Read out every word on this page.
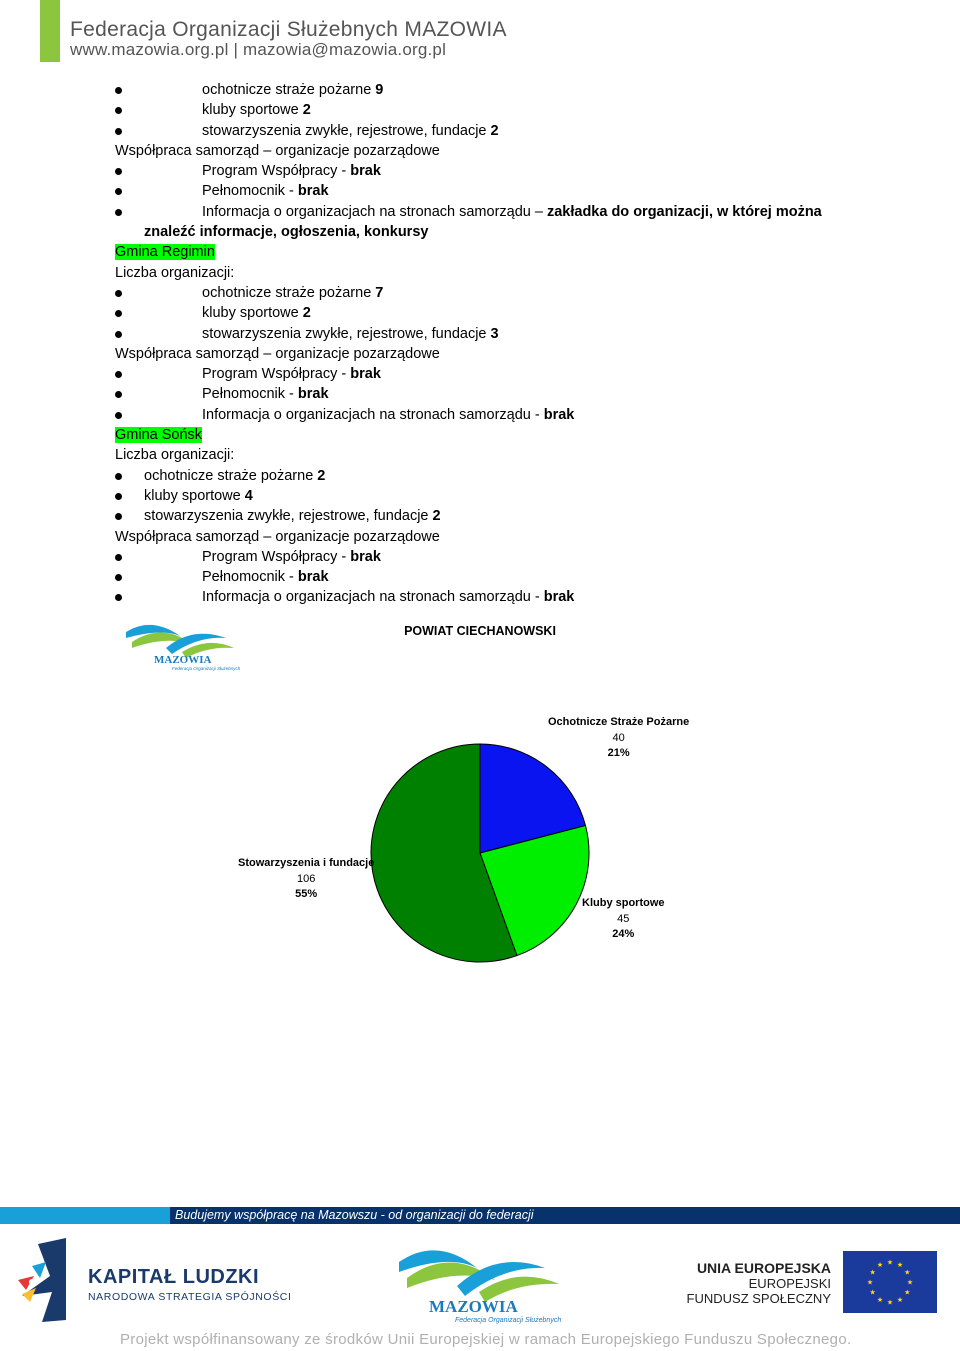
Federacja Organizacji Służebnych MAZOWIA
www.mazowia.org.pl | mazowia@mazowia.org.pl
ochotnicze straże pożarne 9
kluby sportowe 2
stowarzyszenia zwykłe, rejestrowe, fundacje 2
Współpraca samorząd – organizacje pozarządowe
Program Współpracy - brak
Pełnomocnik - brak
Informacja o organizacjach na stronach samorządu – zakładka do organizacji, w której można
znaleźć informacje, ogłoszenia, konkursy
Gmina Regimin
Liczba organizacji:
ochotnicze straże pożarne 7
kluby sportowe 2
stowarzyszenia zwykłe, rejestrowe, fundacje 3
Współpraca samorząd – organizacje pozarządowe
Program Współpracy - brak
Pełnomocnik - brak
Informacja o organizacjach na stronach samorządu - brak
Gmina Sońsk
Liczba organizacji:
ochotnicze straże pożarne 2
kluby sportowe 4
stowarzyszenia zwykłe, rejestrowe, fundacje 2
Współpraca samorząd – organizacje pozarządowe
Program Współpracy - brak
Pełnomocnik - brak
Informacja o organizacjach na stronach samorządu - brak
MAZOWIA
Federacja Organizacji Służebnych
POWIAT CIECHANOWSKI
Ochotnicze Straże Pożarne
40
21%
Kluby sportowe
45
24%
Stowarzyszenia i fundacje
106
55%
Budujemy współpracę na Mazowszu - od organizacji do federacji
KAPITAŁ LUDZKI
NARODOWA STRATEGIA SPÓJNOŚCI	MAZOWIA
Federacja Organizacji Służebnych
UNIA EUROPEJSKA
EUROPEJSKI
FUNDUSZ SPOŁECZNY
★ ★
★
★
★
★
★
★
★
★
★
★
Projekt współfinansowany ze środków Unii Europejskiej w ramach Europejskiego Funduszu Społecznego.
